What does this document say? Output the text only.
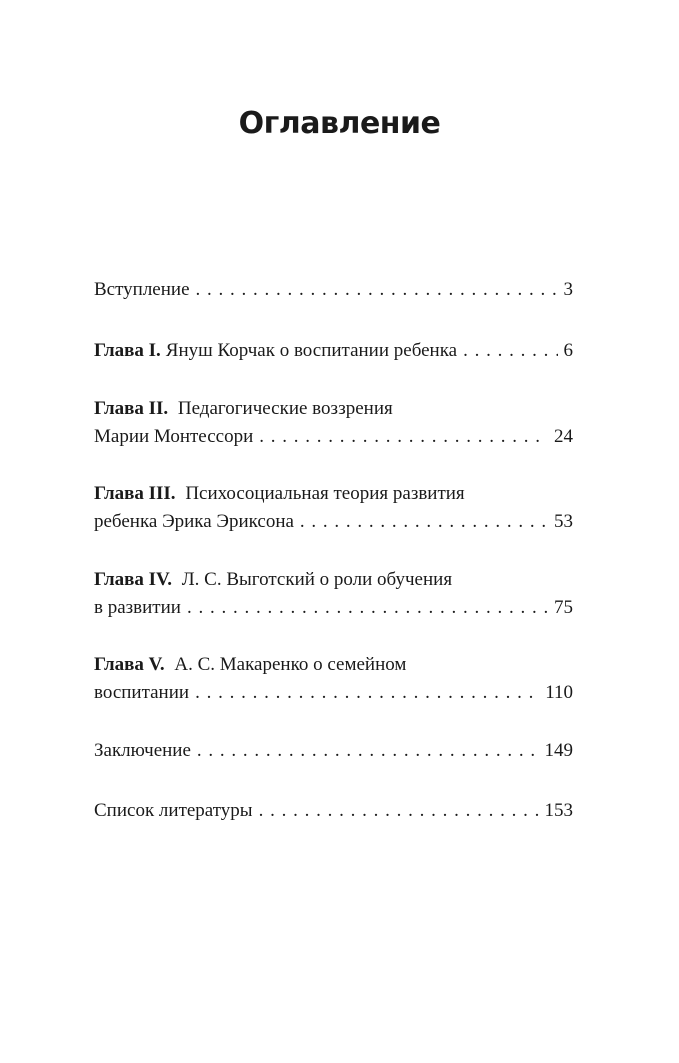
Оглавление
Вступление . . .	3
Глава I. Януш Корчак о воспитании ребенка . . .	6
Глава II. Педагогические воззрения
Марии Монтессори . . .	24
Глава III. Психосоциальная теория развития
ребенка Эрика Эриксона . . .	53
Глава IV. Л. С. Выготский о роли обучения
в развитии . . .	75
Глава V. А. С. Макаренко о семейном
воспитании . . .	110
Заключение . . .	149
Список литературы . . .	153
